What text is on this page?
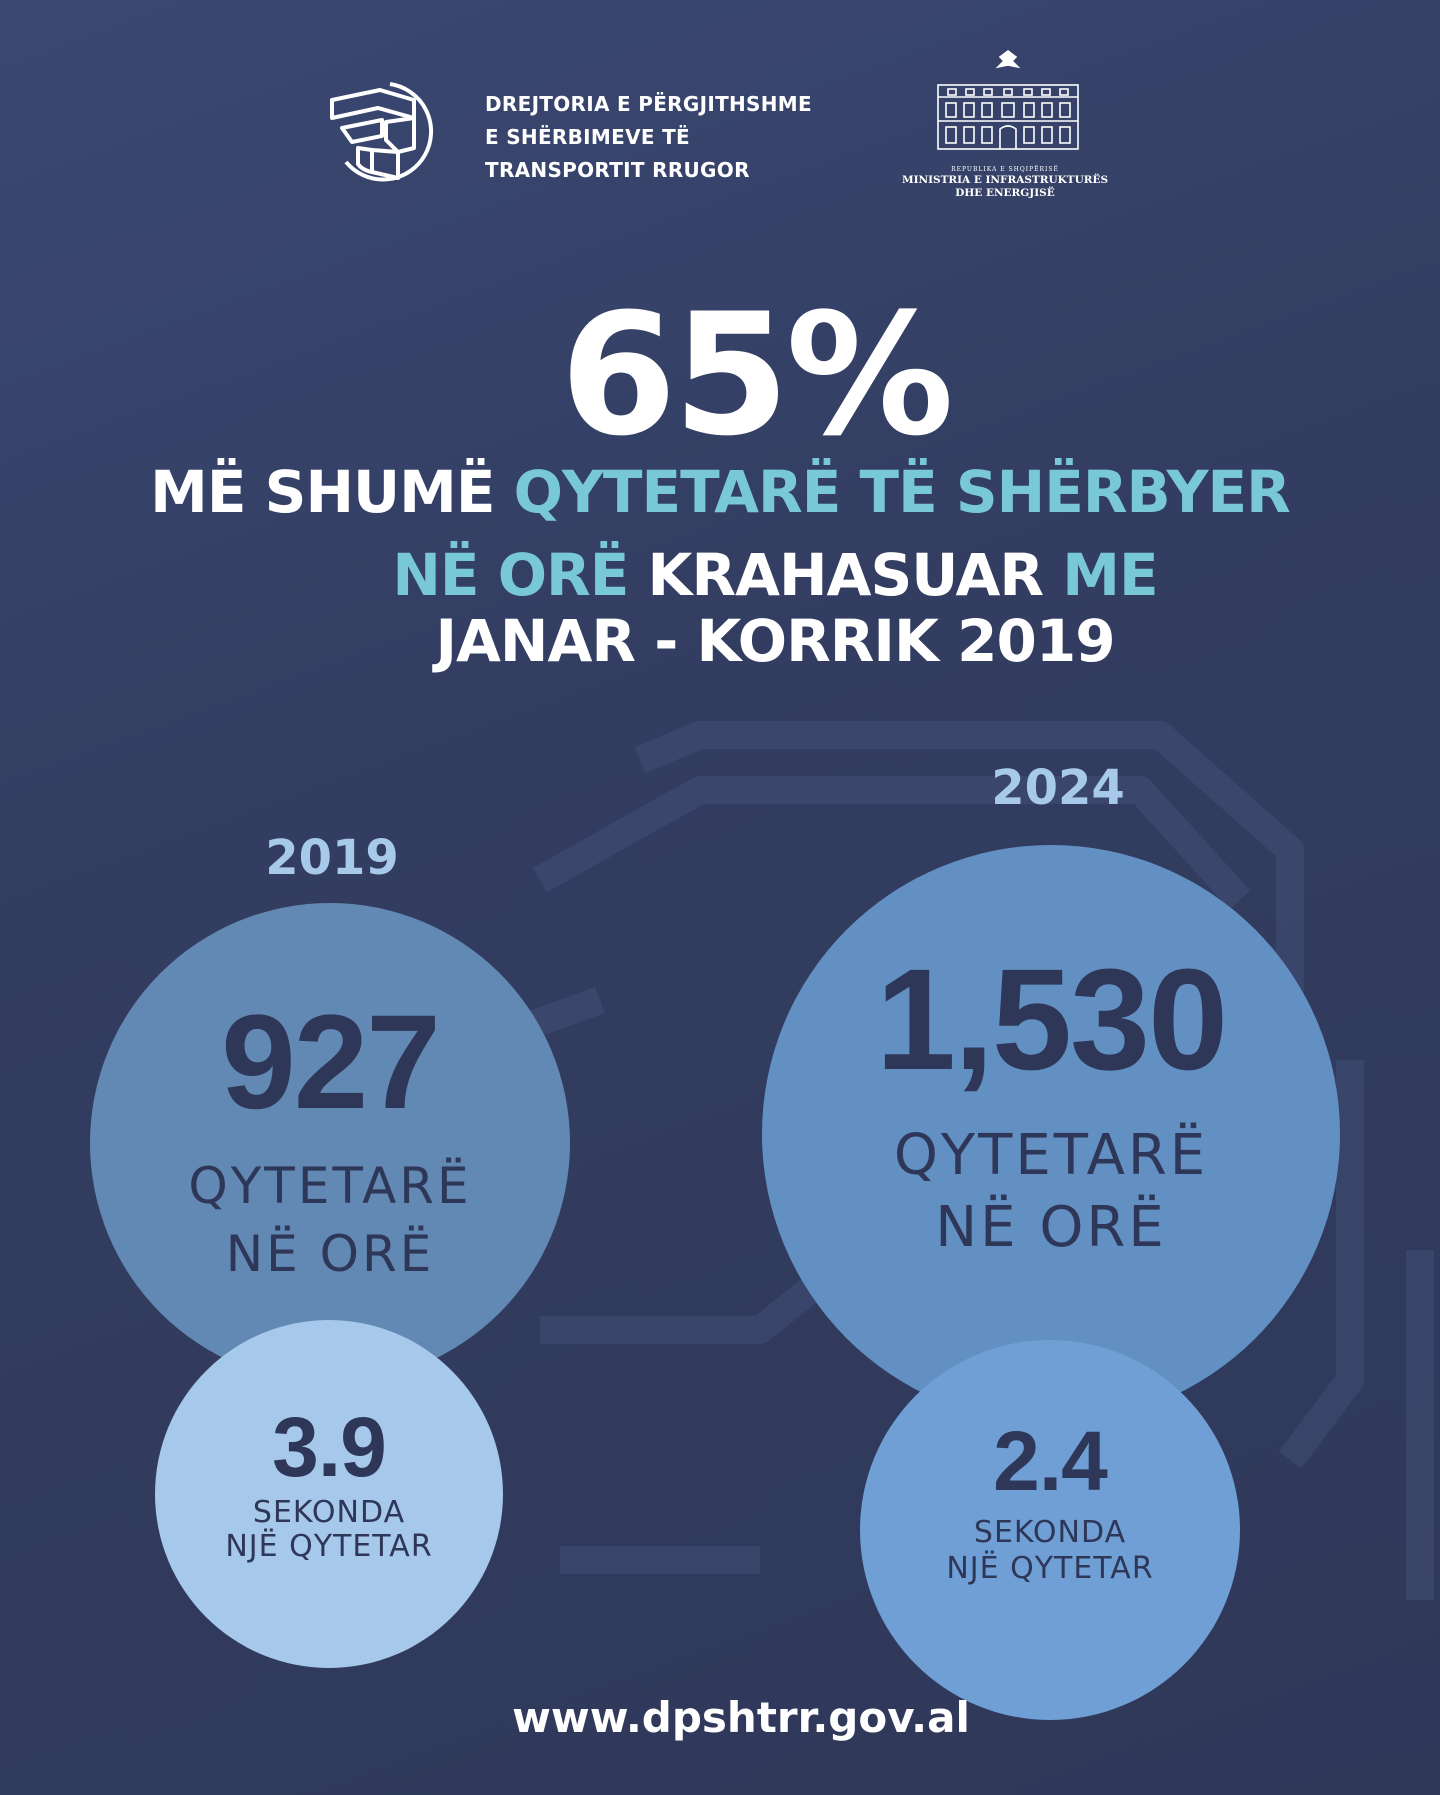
DREJTORIA E PËRGJITHSHME
E SHËRBIMEVE TË
TRANSPORTIT RRUGOR	REPUBLIKA E SHQIPËRISË
MINISTRIA E INFRASTRUKTURËS
DHE ENERGJISË
65%
MË SHUMË QYTETARË TË SHËRBYER
NË ORË KRAHASUAR ME
JANAR - KORRIK 2019
2019
2024
927
QYTETARË
NË ORË
1,530
QYTETARË
NË ORË
3.9
SEKONDA
NJË QYTETAR
2.4
SEKONDA
NJË QYTETAR
www.dpshtrr.gov.al
